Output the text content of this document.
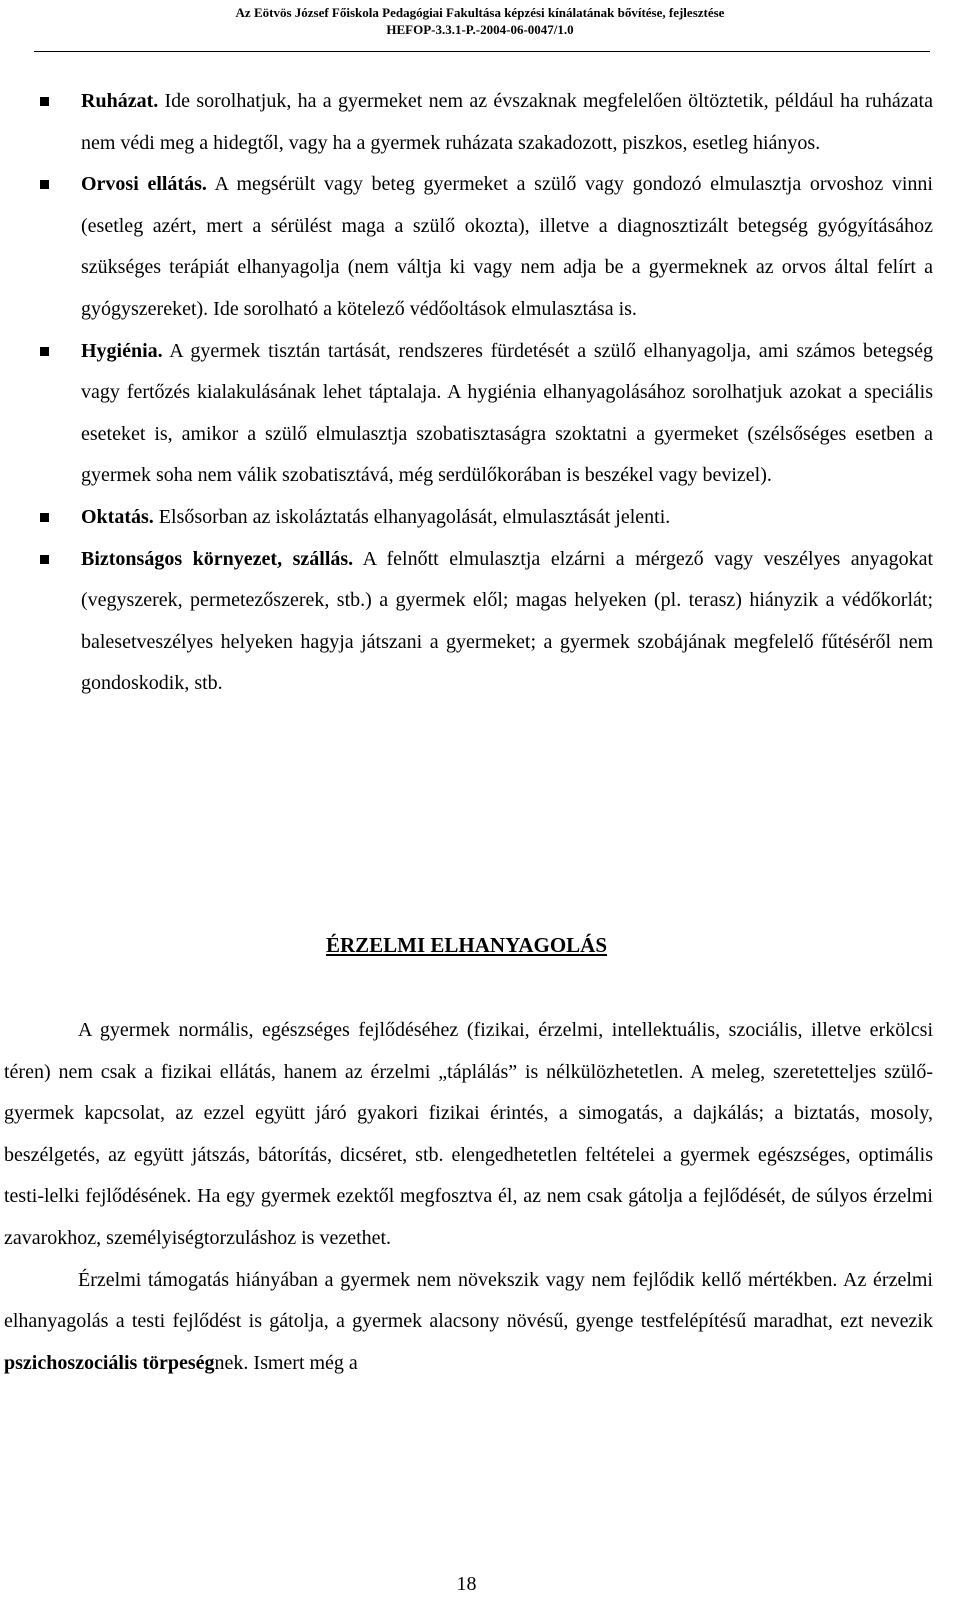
Az Eötvös József Főiskola Pedagógiai Fakultása képzési kínálatának bővítése, fejlesztése
HEFOP-3.3.1-P.-2004-06-0047/1.0
Ruházat. Ide sorolhatjuk, ha a gyermeket nem az évszaknak megfelelően öltöztetik, például ha ruházata nem védi meg a hidegtől, vagy ha a gyermek ruházata szakadozott, piszkos, esetleg hiányos.
Orvosi ellátás. A megsérült vagy beteg gyermeket a szülő vagy gondozó elmulasztja orvoshoz vinni (esetleg azért, mert a sérülést maga a szülő okozta), illetve a diagnosztizált betegség gyógyításához szükséges terápiát elhanyagolja (nem váltja ki vagy nem adja be a gyermeknek az orvos által felírt a gyógyszereket). Ide sorolható a kötelező védőoltások elmulasztása is.
Hygiénia. A gyermek tisztán tartását, rendszeres fürdetését a szülő elhanyagolja, ami számos betegség vagy fertőzés kialakulásának lehet táptalaja. A hygiénia elhanyagolásához sorolhatjuk azokat a speciális eseteket is, amikor a szülő elmulasztja szobatisztaságra szoktatni a gyermeket (szélsőséges esetben a gyermek soha nem válik szobatisztává, még serdülőkorában is beszékel vagy bevizel).
Oktatás. Elsősorban az iskoláztatás elhanyagolását, elmulasztását jelenti.
Biztonságos környezet, szállás. A felnőtt elmulasztja elzárni a mérgező vagy veszélyes anyagokat (vegyszerek, permetezőszerek, stb.) a gyermek elől; magas helyeken (pl. terasz) hiányzik a védőkorlát; balesetveszélyes helyeken hagyja játszani a gyermeket; a gyermek szobájának megfelelő fűtéséről nem gondoskodik, stb.
ÉRZELMI ELHANYAGOLÁS

A gyermek normális, egészséges fejlődéséhez (fizikai, érzelmi, intellektuális, szociális, illetve erkölcsi téren) nem csak a fizikai ellátás, hanem az érzelmi „táplálás” is nélkülözhetetlen. A meleg, szeretetteljes szülő-gyermek kapcsolat, az ezzel együtt járó gyakori fizikai érintés, a simogatás, a dajkálás; a biztatás, mosoly, beszélgetés, az együtt játszás, bátorítás, dicséret, stb. elengedhetetlen feltételei a gyermek egészséges, optimális testi-lelki fejlődésének. Ha egy gyermek ezektől megfosztva él, az nem csak gátolja a fejlődését, de súlyos érzelmi zavarokhoz, személyiségtorzuláshoz is vezethet.

Érzelmi támogatás hiányában a gyermek nem növekszik vagy nem fejlődik kellő mértékben. Az érzelmi elhanyagolás a testi fejlődést is gátolja, a gyermek alacsony növésű, gyenge testfelépítésű maradhat, ezt nevezik pszichoszociális törpeségnek. Ismert még a

18
